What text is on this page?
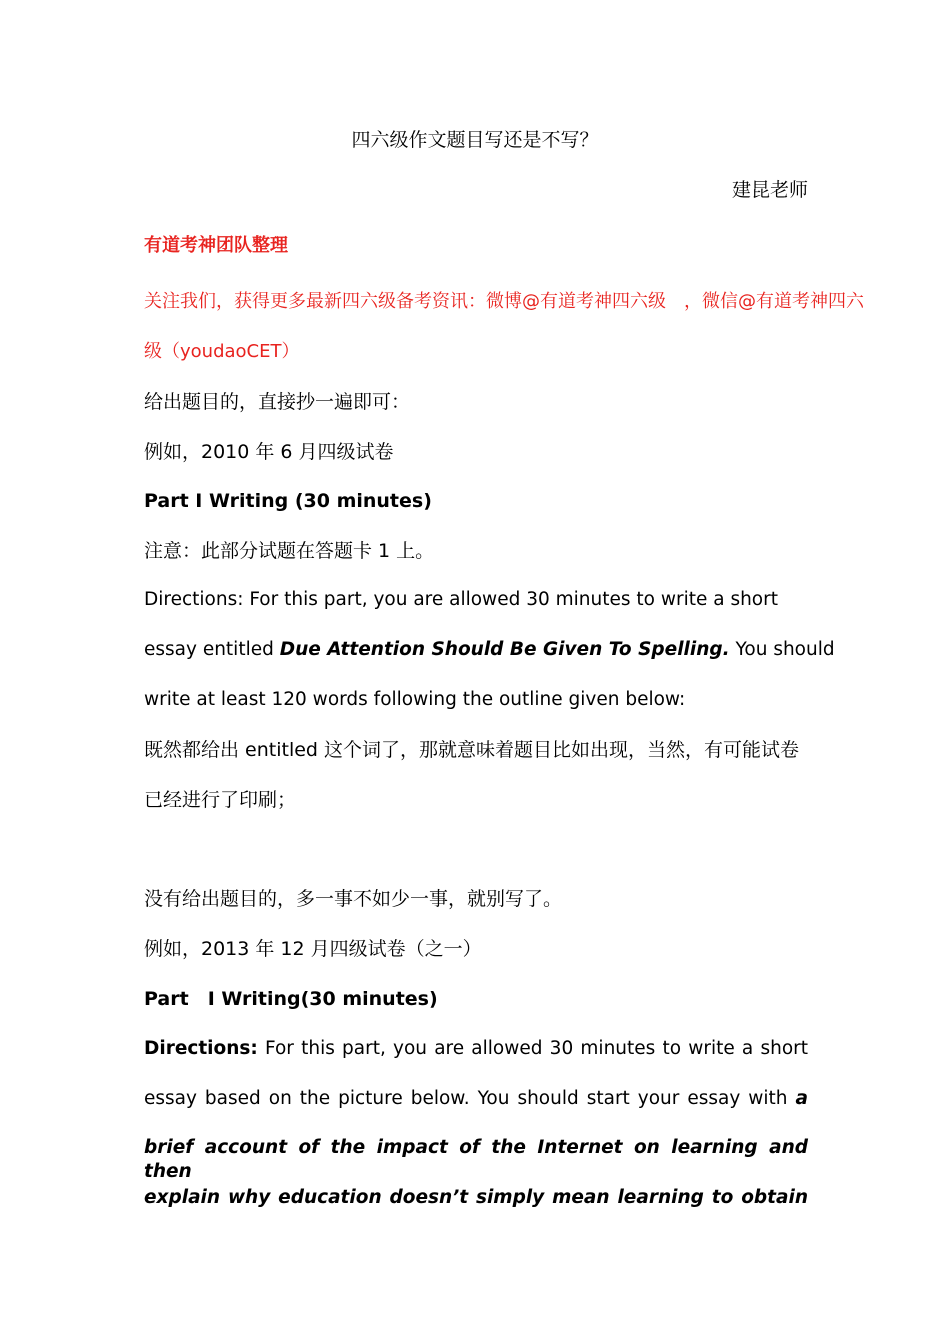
四六级作文题目写还是不写？
建昆老师
有道考神团队整理
关注我们，获得更多最新四六级备考资讯：微博@有道考神四六级　，微信@有道考神四六
级（youdaoCET）
给出题目的，直接抄一遍即可：
例如，2010 年 6 月四级试卷
Part I Writing (30 minutes)
注意：此部分试题在答题卡 1 上。
Directions: For this part, you are allowed 30 minutes to write a short
essay entitled Due Attention Should Be Given To Spelling. You should
write at least 120 words following the outline given below:
既然都给出 entitled 这个词了，那就意味着题目比如出现，当然，有可能试卷
已经进行了印刷；
没有给出题目的，多一事不如少一事，就别写了。
例如，2013 年 12 月四级试卷（之一）
Part　I Writing(30 minutes)
Directions: For this part, you are allowed 30 minutes to write a short
essay based on the picture below. You should start your essay with a
brief account of the impact of the Internet on learning and then
explain why education doesn’t simply mean learning to obtain
